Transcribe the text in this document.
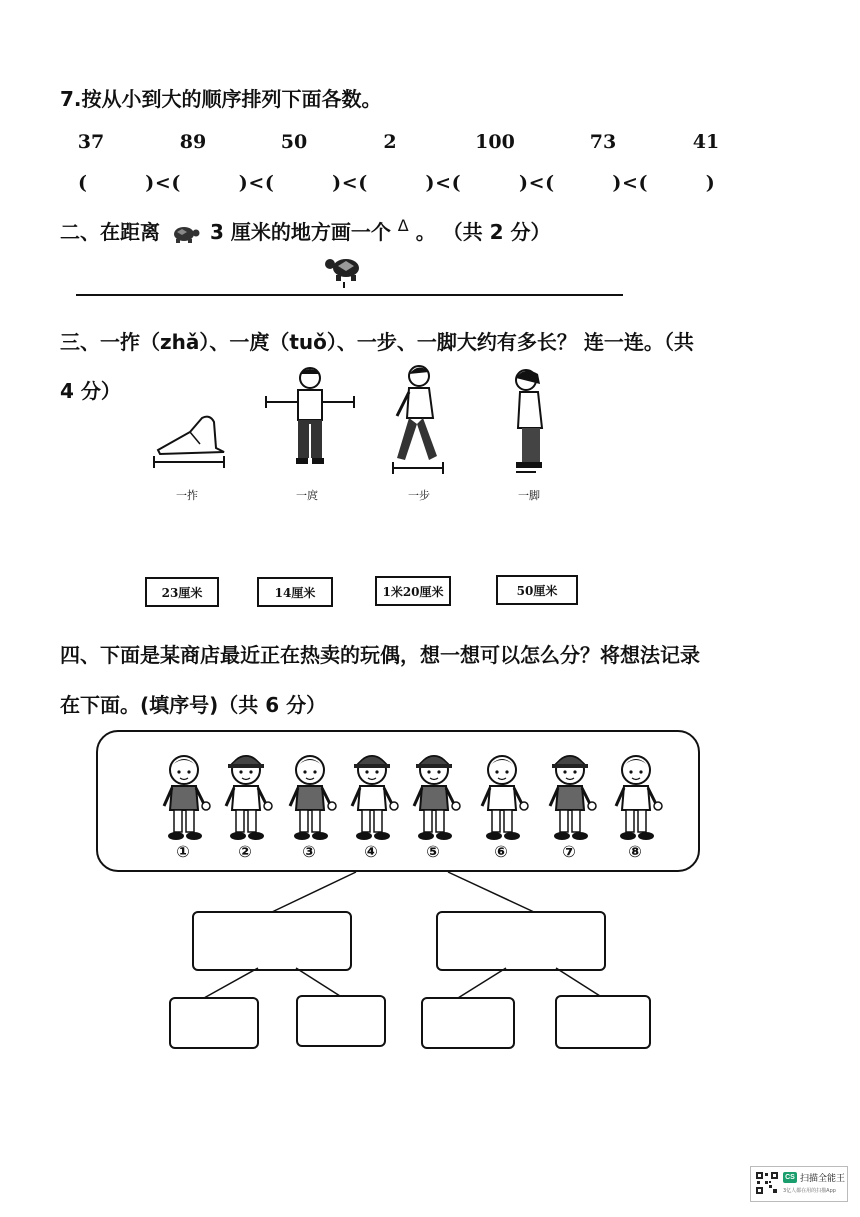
7.按从小到大的顺序排列下面各数。
37	89	50	2	100	73	41
(        )<(        )<(        )<(        )<(        )<(        )<(        )
二、在距离 3 厘米的地方画一个 $^\Delta$ 。 （共 2 分）
三、一拃（zhǎ）、一庹（tuǒ）、一步、一脚大约有多长？ 连一连。（共
4 分）
一拃	一庹	一步	一脚
23厘米	14厘米	1米20厘米	50厘米
四、下面是某商店最近正在热卖的玩偶，想一想可以怎么分？将想法记录
在下面。(填序号)（共 6 分）
①	②	③	④	⑤	⑥	⑦	⑧
CS 扫描全能王
3亿人都在用的扫描App
